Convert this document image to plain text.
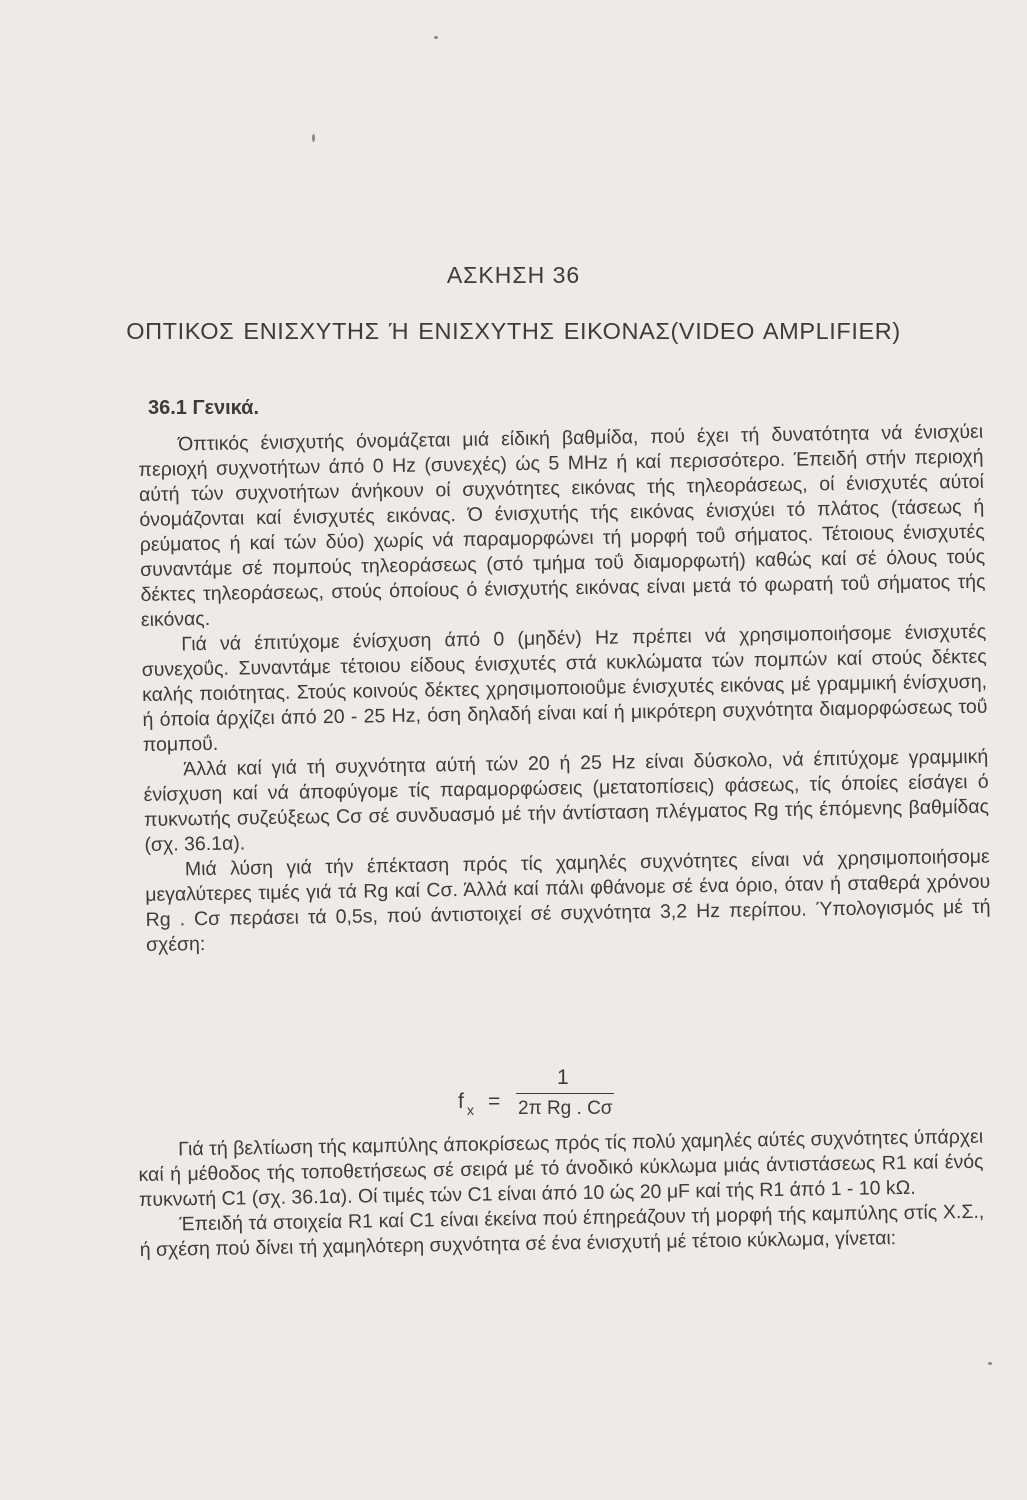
ΑΣΚΗΣΗ 36
ΟΠΤΙΚΟΣ ΕΝΙΣΧΥΤΗΣ Ή ΕΝΙΣΧΥΤΗΣ ΕΙΚΟΝΑΣ(VIDEO AMPLIFIER)
36.1 Γενικά.

Όπτικός ένισχυτής όνομάζεται μιά είδική βαθμίδα, πού έχει τή δυνατότητα νά ένισχύει περιοχή συχνοτήτων άπό 0 Hz (συνεχές) ώς 5 MHz ή καί περισσότερο. Έπειδή στήν περιοχή αύτή τών συχνοτήτων άνήκουν οί συχνότητες εικόνας τής τηλεοράσεως, οί ένισχυτές αύτοί όνομάζονται καί ένισχυτές εικόνας. Ό ένισχυτής τής εικόνας ένισχύει τό πλάτος (τάσεως ή ρεύματος ή καί τών δύο) χωρίς νά παραμορφώνει τή μορφή τοΰ σήματος. Τέτοιους ένισχυτές συναντάμε σέ πομπούς τηλεοράσεως (στό τμήμα τοΰ διαμορφωτή) καθώς καί σέ όλους τούς δέκτες τηλεοράσεως, στούς όποίους ό ένισχυτής εικόνας είναι μετά τό φωρατή τοΰ σήματος τής εικόνας.

Γιά νά έπιτύχομε ένίσχυση άπό 0 (μηδέν) Hz πρέπει νά χρησιμοποιήσομε ένισχυτές συνεχοΰς. Συναντάμε τέτοιου είδους ένισχυτές στά κυκλώματα τών πομπών καί στούς δέκτες καλής ποιότητας. Στούς κοινούς δέκτες χρησιμοποιοΰμε ένισχυτές εικόνας μέ γραμμική ένίσχυση, ή όποία άρχίζει άπό 20 - 25 Hz, όση δηλαδή είναι καί ή μικρότερη συχνότητα διαμορφώσεως τοΰ πομποΰ.

Άλλά καί γιά τή συχνότητα αύτή τών 20 ή 25 Hz είναι δύσκολο, νά έπιτύχομε γραμμική ένίσχυση καί νά άποφύγομε τίς παραμορφώσεις (μετατοπίσεις) φάσεως, τίς όποίες είσάγει ό πυκνωτής συζεύξεως Cσ σέ συνδυασμό μέ τήν άντίσταση πλέγματος Rg τής έπόμενης βαθμίδας (σχ. 36.1α).

Μιά λύση γιά τήν έπέκταση πρός τίς χαμηλές συχνότητες είναι νά χρησιμοποιήσομε μεγαλύτερες τιμές γιά τά Rg καί Cσ. Άλλά καί πάλι φθάνομε σέ ένα όριο, όταν ή σταθερά χρόνου Rg . Cσ περάσει τά 0,5s, πού άντιστοιχεί σέ συχνότητα 3,2 Hz περίπου. Ύπολογισμός μέ τή σχέση:

f x =
1
2π Rg . Cσ

Γιά τή βελτίωση τής καμπύλης άποκρίσεως πρός τίς πολύ χαμηλές αύτές συχνότητες ύπάρχει καί ή μέθοδος τής τοποθετήσεως σέ σειρά μέ τό άνοδικό κύκλωμα μιάς άντιστάσεως R1 καί ένός πυκνωτή C1 (σχ. 36.1α). Οί τιμές τών C1 είναι άπό 10 ώς 20 μF καί τής R1 άπό 1 - 10 kΩ.

Έπειδή τά στοιχεία R1 καί C1 είναι έκείνα πού έπηρεάζουν τή μορφή τής καμπύλης στίς Χ.Σ., ή σχέση πού δίνει τή χαμηλότερη συχνότητα σέ ένα ένισχυτή μέ τέτοιο κύκλωμα, γίνεται:
